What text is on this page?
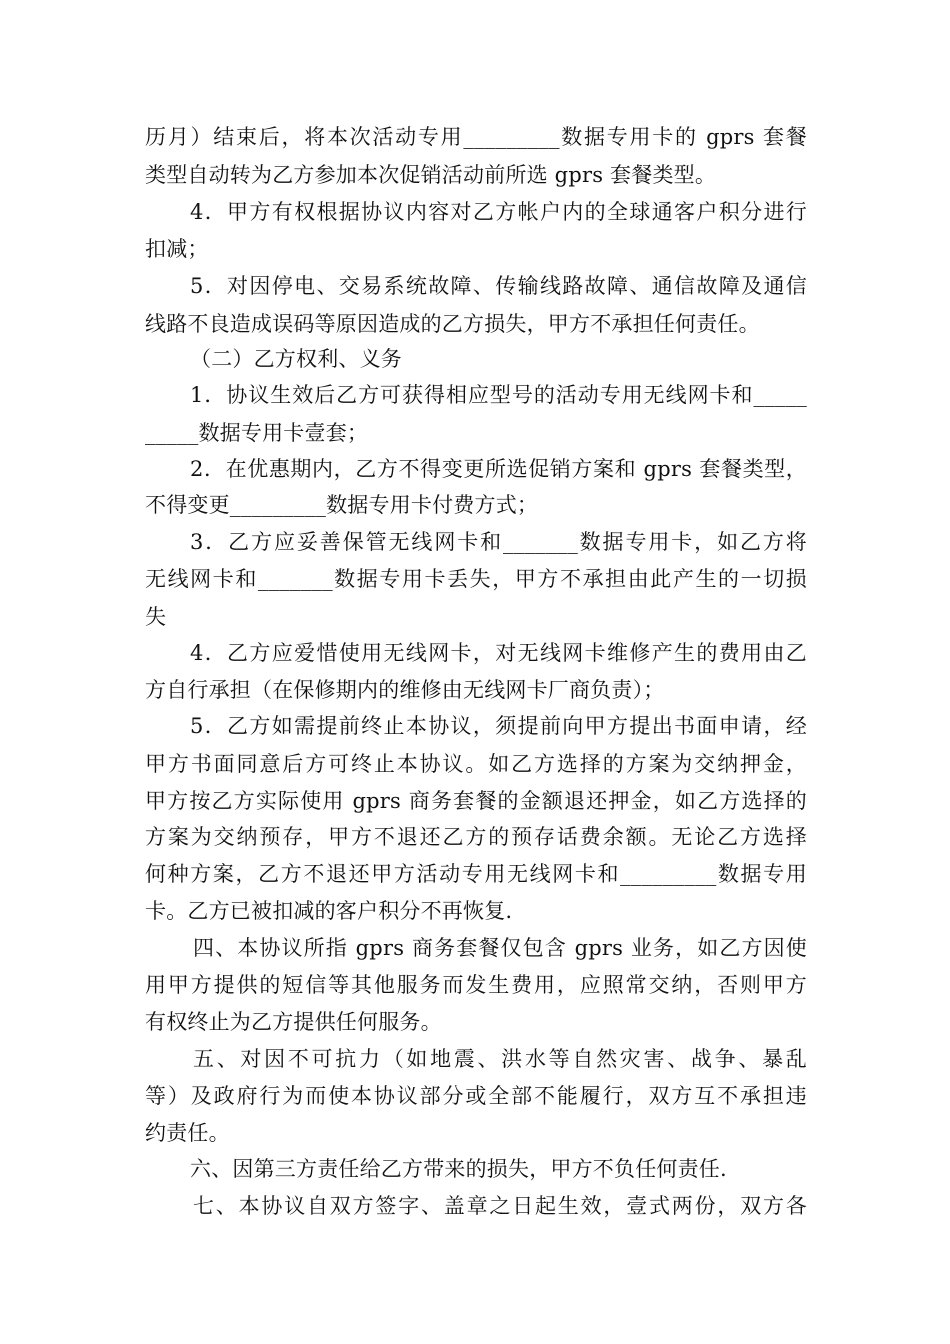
历月）结束后，将本次活动专用_________数据专用卡的 gprs 套餐
类型自动转为乙方参加本次促销活动前所选 gprs 套餐类型。
4．甲方有权根据协议内容对乙方帐户内的全球通客户积分进行
扣减；
5．对因停电、交易系统故障、传输线路故障、通信故障及通信
线路不良造成误码等原因造成的乙方损失，甲方不承担任何责任。
（二）乙方权利、义务
1．协议生效后乙方可获得相应型号的活动专用无线网卡和_____
_____数据专用卡壹套；
2．在优惠期内，乙方不得变更所选促销方案和 gprs 套餐类型，
不得变更_________数据专用卡付费方式；
3．乙方应妥善保管无线网卡和_______数据专用卡，如乙方将
无线网卡和_______数据专用卡丢失，甲方不承担由此产生的一切损
失
4．乙方应爱惜使用无线网卡，对无线网卡维修产生的费用由乙
方自行承担（在保修期内的维修由无线网卡厂商负责）；
5．乙方如需提前终止本协议，须提前向甲方提出书面申请，经
甲方书面同意后方可终止本协议。如乙方选择的方案为交纳押金，
甲方按乙方实际使用 gprs 商务套餐的金额退还押金，如乙方选择的
方案为交纳预存，甲方不退还乙方的预存话费余额。无论乙方选择
何种方案，乙方不退还甲方活动专用无线网卡和_________数据专用
卡。乙方已被扣减的客户积分不再恢复.
四、本协议所指 gprs 商务套餐仅包含 gprs 业务，如乙方因使
用甲方提供的短信等其他服务而发生费用，应照常交纳，否则甲方
有权终止为乙方提供任何服务。
五、对因不可抗力（如地震、洪水等自然灾害、战争、暴乱
等）及政府行为而使本协议部分或全部不能履行，双方互不承担违
约责任。
六、因第三方责任给乙方带来的损失，甲方不负任何责任.
七、本协议自双方签字、盖章之日起生效，壹式两份，双方各
